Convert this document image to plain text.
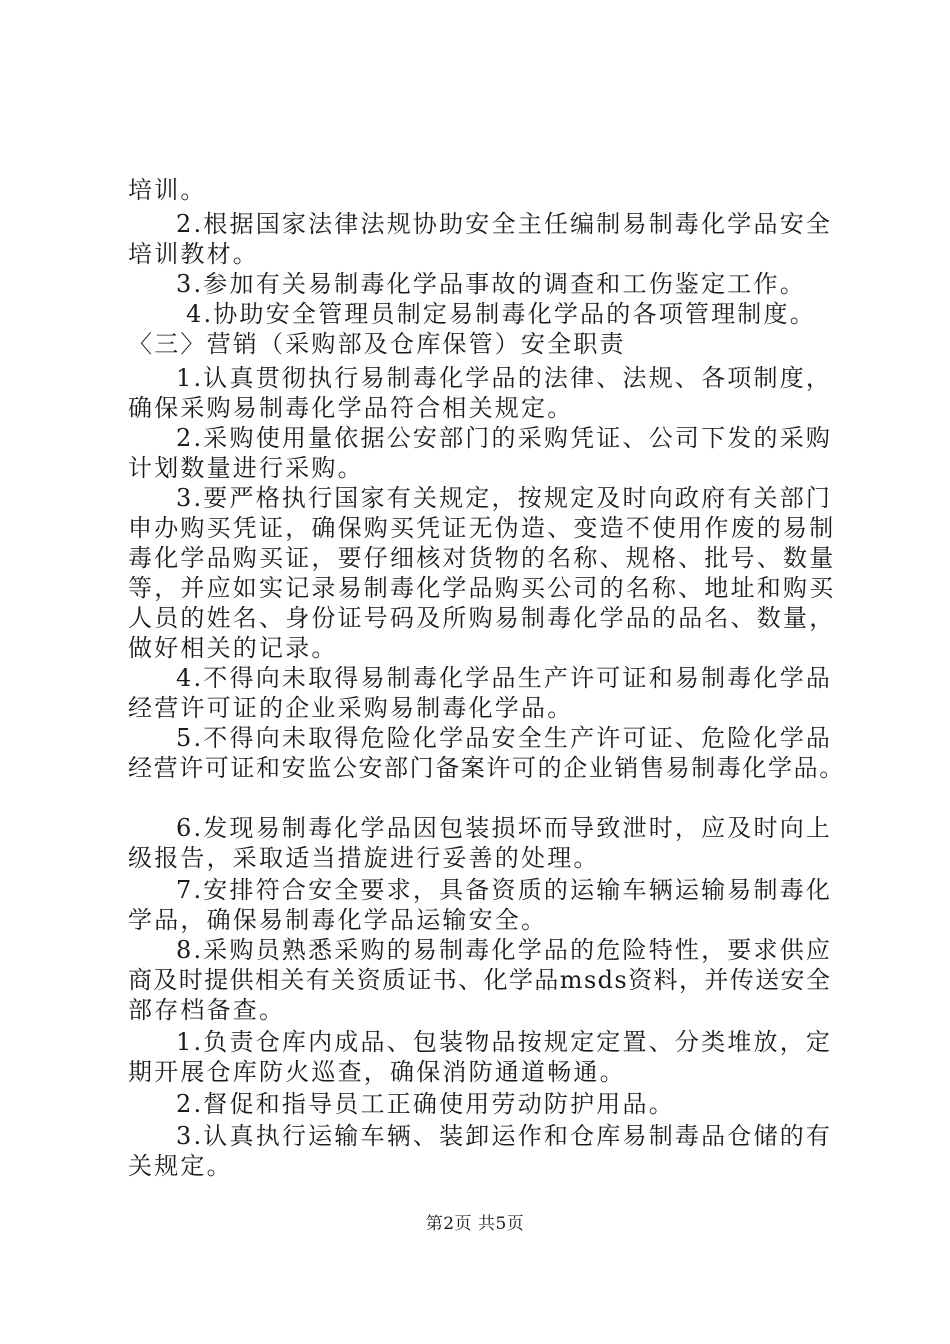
培训。
2.根据国家法律法规协助安全主任编制易制毒化学品安全
培训教材。
3.参加有关易制毒化学品事故的调查和工伤鉴定工作。
4.协助安全管理员制定易制毒化学品的各项管理制度。
〈三〉营销（采购部及仓库保管）安全职责
1.认真贯彻执行易制毒化学品的法律、法规、各项制度，
确保采购易制毒化学品符合相关规定。
2.采购使用量依据公安部门的采购凭证、公司下发的采购
计划数量进行采购。
3.要严格执行国家有关规定，按规定及时向政府有关部门
申办购买凭证，确保购买凭证无伪造、变造不使用作废的易制
毒化学品购买证，要仔细核对货物的名称、规格、批号、数量
等，并应如实记录易制毒化学品购买公司的名称、地址和购买
人员的姓名、身份证号码及所购易制毒化学品的品名、数量，
做好相关的记录。
4.不得向未取得易制毒化学品生产许可证和易制毒化学品
经营许可证的企业采购易制毒化学品。
5.不得向未取得危险化学品安全生产许可证、危险化学品
经营许可证和安监公安部门备案许可的企业销售易制毒化学品。
6.发现易制毒化学品因包装损坏而导致泄时，应及时向上
级报告，采取适当措旋进行妥善的处理。
7.安排符合安全要求，具备资质的运输车辆运输易制毒化
学品，确保易制毒化学品运输安全。
8.采购员熟悉采购的易制毒化学品的危险特性，要求供应
商及时提供相关有关资质证书、化学品msds资料，并传送安全
部存档备查。
1.负责仓库内成品、包装物品按规定定置、分类堆放，定
期开展仓库防火巡查，确保消防通道畅通。
2.督促和指导员工正确使用劳动防护用品。
3.认真执行运输车辆、装卸运作和仓库易制毒品仓储的有
关规定。
第2页 共5页
